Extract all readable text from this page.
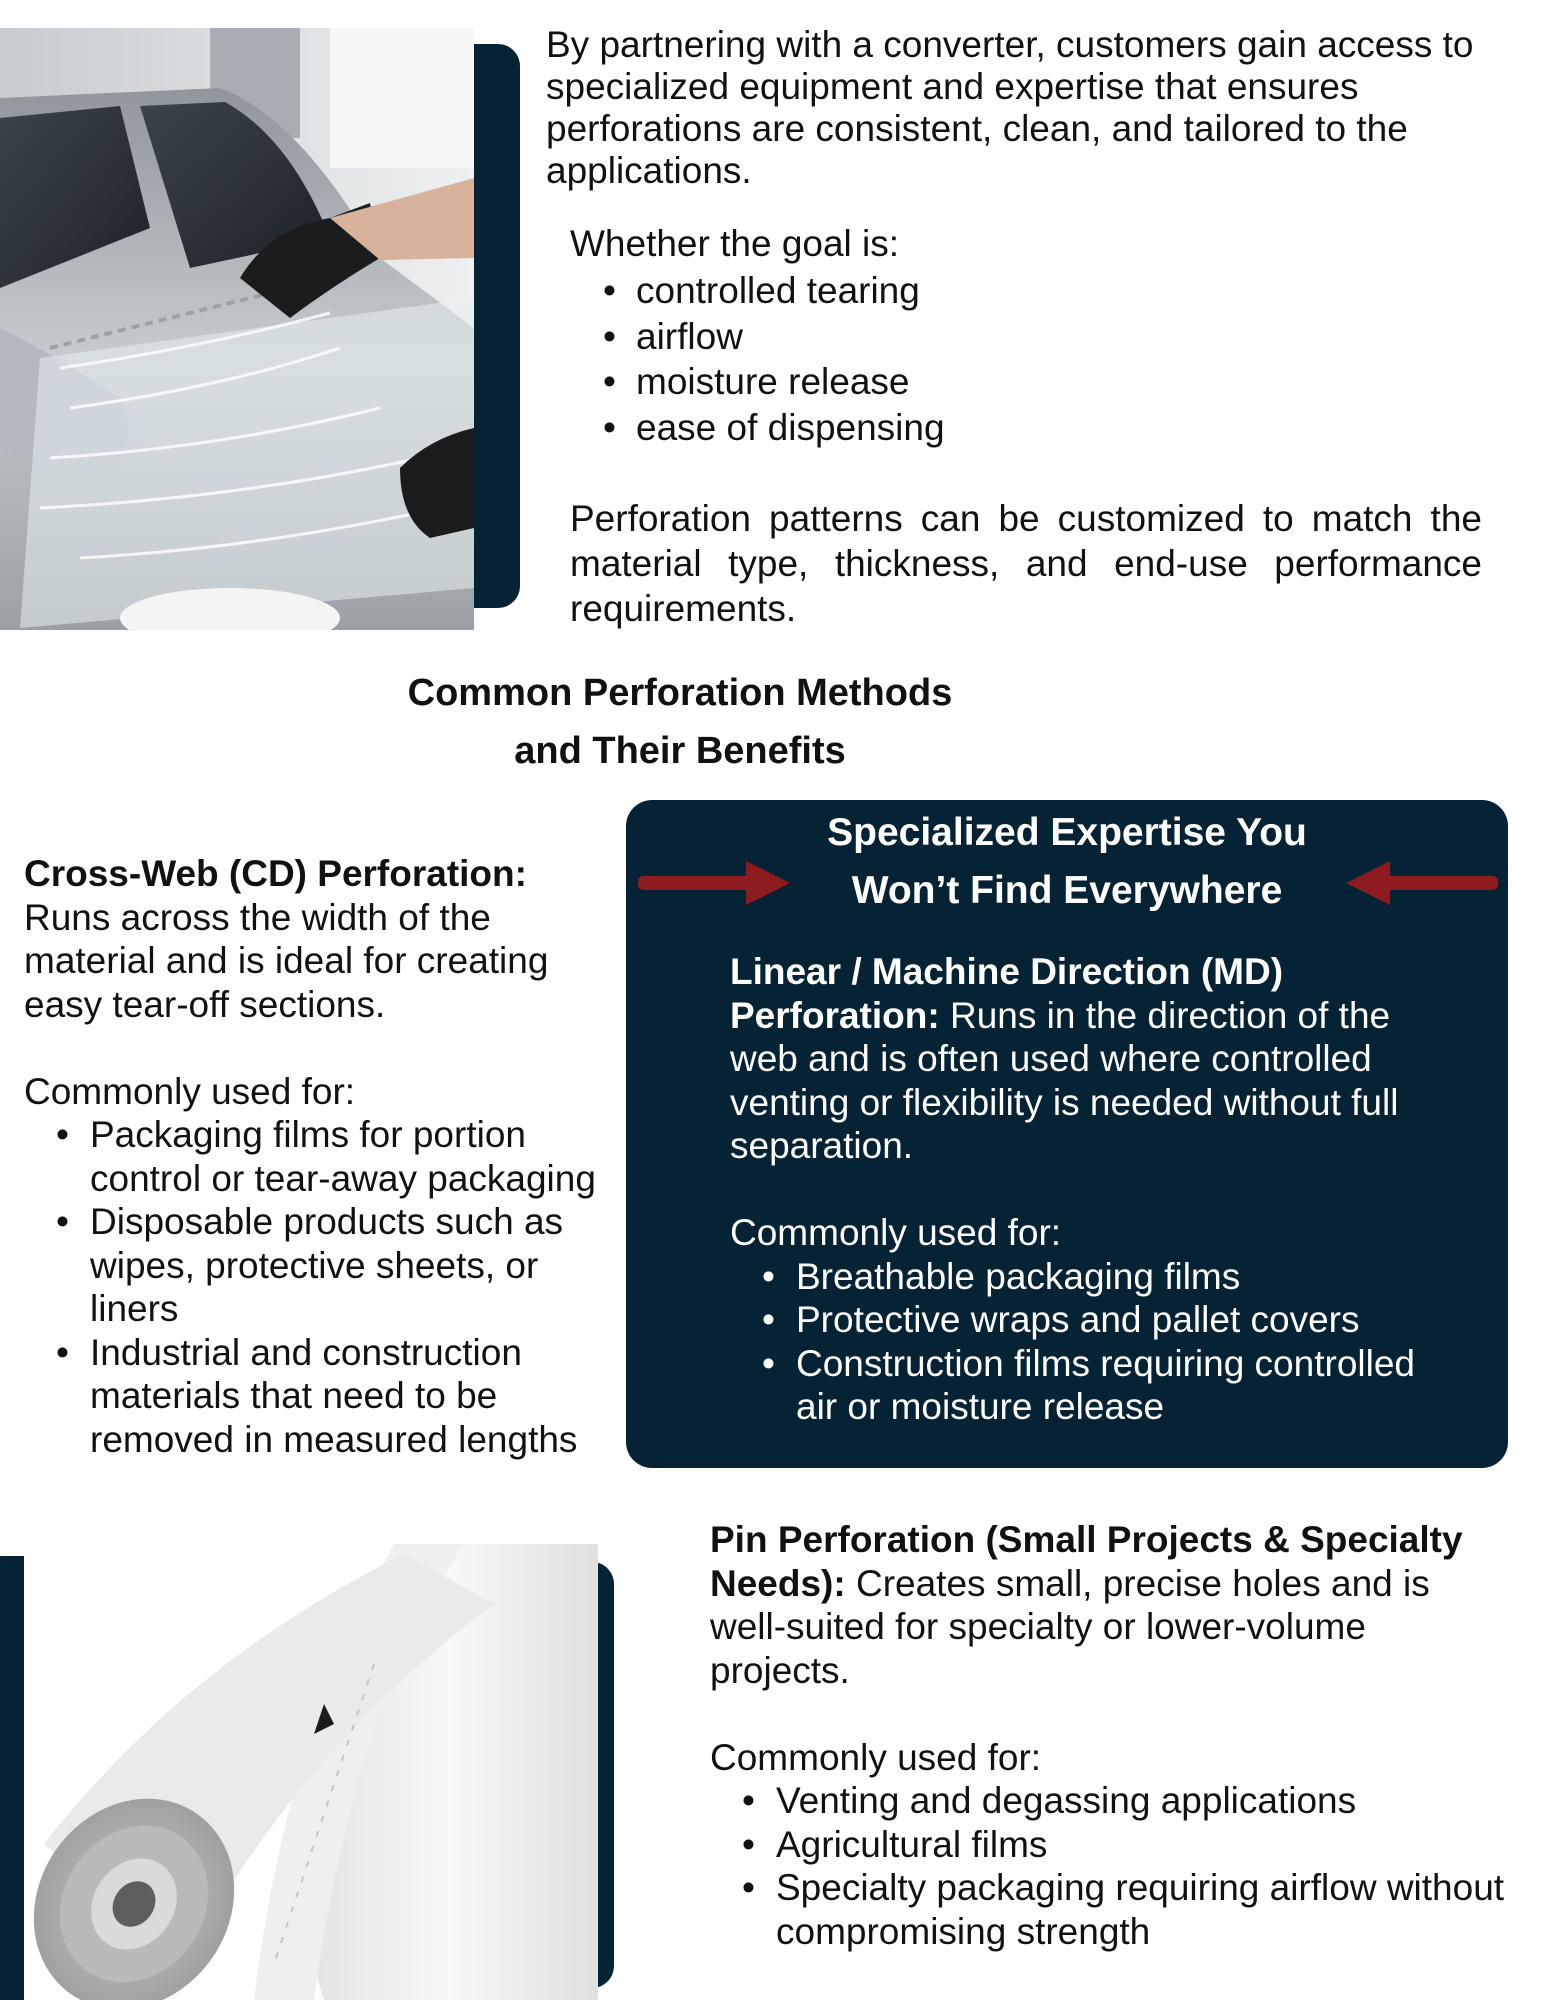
By partnering with a converter, customers gain access to specialized equipment and expertise that ensures perforations are consistent, clean, and tailored to the applications.
Whether the goal is:
• controlled tearing
• airflow
• moisture release
• ease of dispensing
Perforation patterns can be customized to match the material type, thickness, and end-use performance requirements.
Common Perforation Methods
and Their Benefits
Cross-Web (CD) Perforation:
Runs across the width of the material and is ideal for creating easy tear-off sections.
Commonly used for:
• Packaging films for portion control or tear-away packaging
• Disposable products such as wipes, protective sheets, or liners
• Industrial and construction materials that need to be removed in measured lengths
Specialized Expertise You
Won’t Find Everywhere
Linear / Machine Direction (MD) Perforation: Runs in the direction of the web and is often used where controlled venting or flexibility is needed without full separation.
Commonly used for:
• Breathable packaging films
• Protective wraps and pallet covers
• Construction films requiring controlled air or moisture release
Pin Perforation (Small Projects & Specialty Needs): Creates small, precise holes and is well-suited for specialty or lower-volume projects.
Commonly used for:
• Venting and degassing applications
• Agricultural films
• Specialty packaging requiring airflow without compromising strength
